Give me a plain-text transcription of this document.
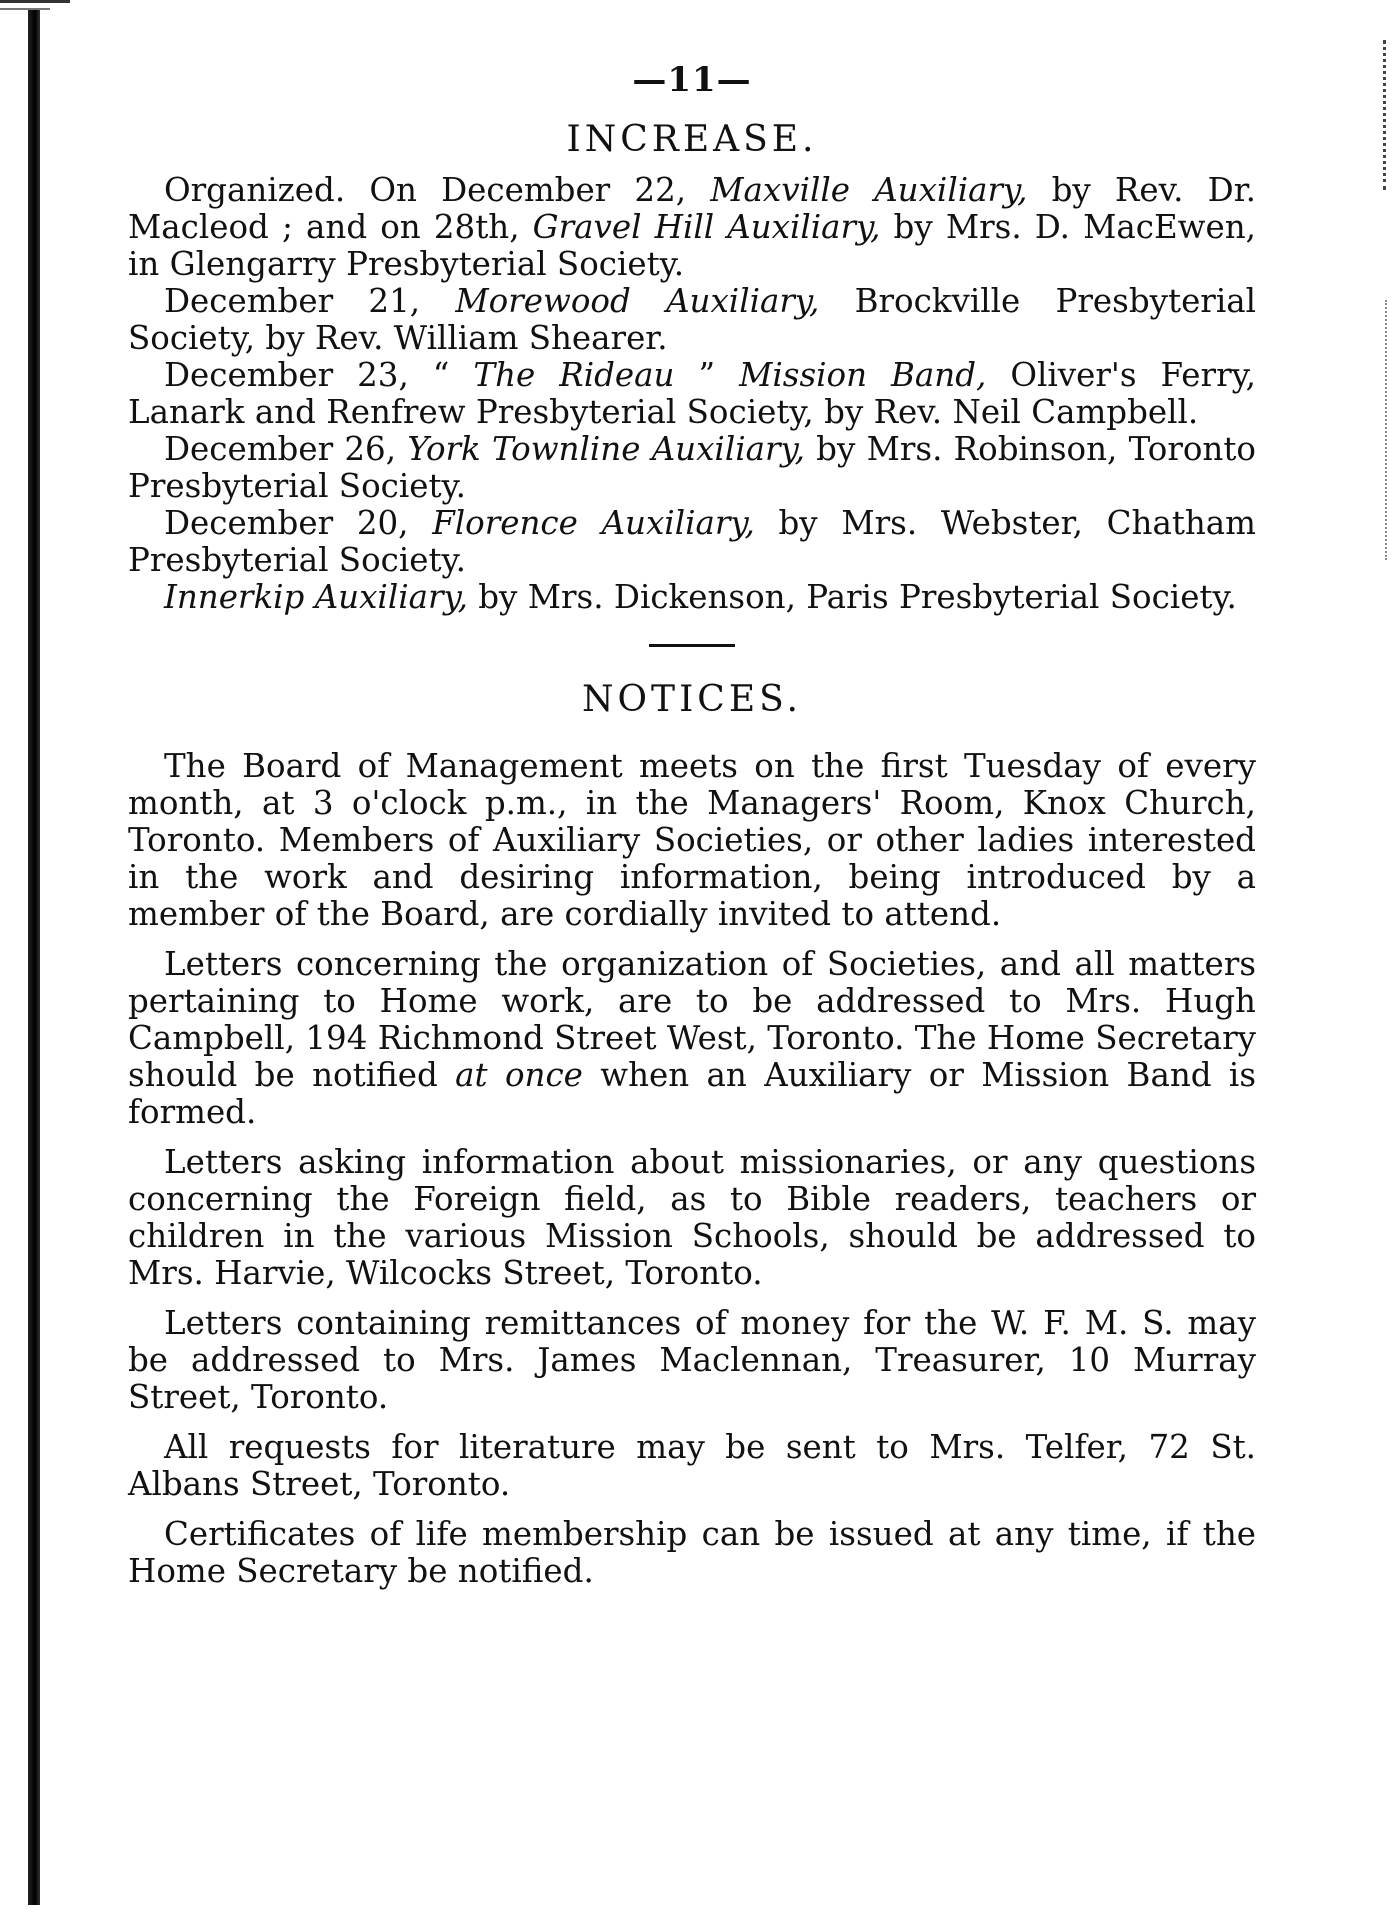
—11—
INCREASE.

Organized. On December 22, Maxville Auxiliary, by Rev. Dr. Macleod ; and on 28th, Gravel Hill Auxiliary, by Mrs. D. MacEwen, in Glengarry Presbyterial Society.

December 21, Morewood Auxiliary, Brockville Presbyterial Society, by Rev. William Shearer.

December 23, “ The Rideau ” Mission Band, Oliver's Ferry, Lanark and Renfrew Presbyterial Society, by Rev. Neil Campbell.

December 26, York Townline Auxiliary, by Mrs. Robinson, Toronto Presbyterial Society.

December 20, Florence Auxiliary, by Mrs. Webster, Chatham Presbyterial Society.

Innerkip Auxiliary, by Mrs. Dickenson, Paris Presbyterial Society.

NOTICES.

The Board of Management meets on the first Tuesday of every month, at 3 o'clock p.m., in the Managers' Room, Knox Church, Toronto. Members of Auxiliary Societies, or other ladies interested in the work and desiring information, being introduced by a member of the Board, are cordially invited to attend.

Letters concerning the organization of Societies, and all matters pertaining to Home work, are to be addressed to Mrs. Hugh Campbell, 194 Richmond Street West, Toronto. The Home Secretary should be notified at once when an Auxiliary or Mission Band is formed.

Letters asking information about missionaries, or any questions concerning the Foreign field, as to Bible readers, teachers or children in the various Mission Schools, should be addressed to Mrs. Harvie, Wilcocks Street, Toronto.

Letters containing remittances of money for the W. F. M. S. may be addressed to Mrs. James Maclennan, Treasurer, 10 Murray Street, Toronto.

All requests for literature may be sent to Mrs. Telfer, 72 St. Albans Street, Toronto.

Certificates of life membership can be issued at any time, if the Home Secretary be notified.
